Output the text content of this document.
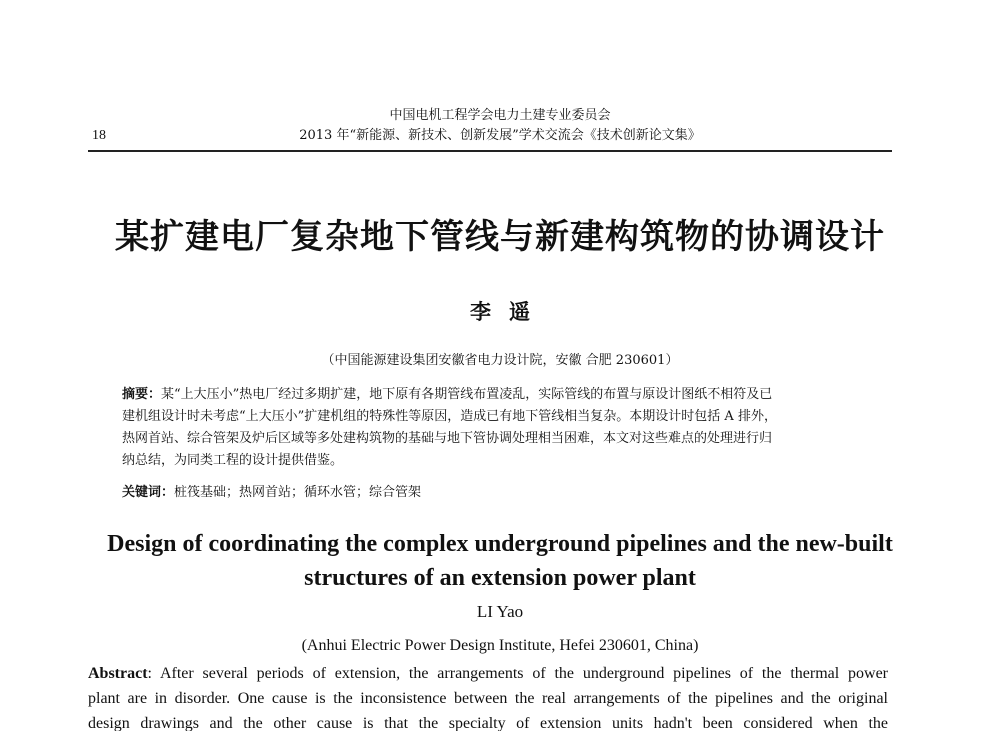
中国电机工程学会电力土建专业委员会
18	2013 年“新能源、新技术、创新发展”学术交流会《技术创新论文集》
某扩建电厂复杂地下管线与新建构筑物的协调设计
李遥
（中国能源建设集团安徽省电力设计院，安徽 合肥 230601）
摘要：某“上大压小”热电厂经过多期扩建，地下原有各期管线布置凌乱，实际管线的布置与原设计图纸不相符及已
建机组设计时未考虑“上大压小”扩建机组的特殊性等原因，造成已有地下管线相当复杂。本期设计时包括 A 排外，
热网首站、综合管架及炉后区域等多处建构筑物的基础与地下管协调处理相当困难，本文对这些难点的处理进行归
纳总结，为同类工程的设计提供借鉴。
关键词：桩筏基础；热网首站；循环水管；综合管架
Design of coordinating the complex underground pipelines and the new-built
structures of an extension power plant
LI Yao
(Anhui Electric Power Design Institute, Hefei 230601, China)
Abstract: After several periods of extension, the arrangements of the underground pipelines of the thermal power
plant are in disorder. One cause is the inconsistence between the real arrangements of the pipelines and the original
design drawings and the other cause is that the specialty of extension units hadn't been considered when the
